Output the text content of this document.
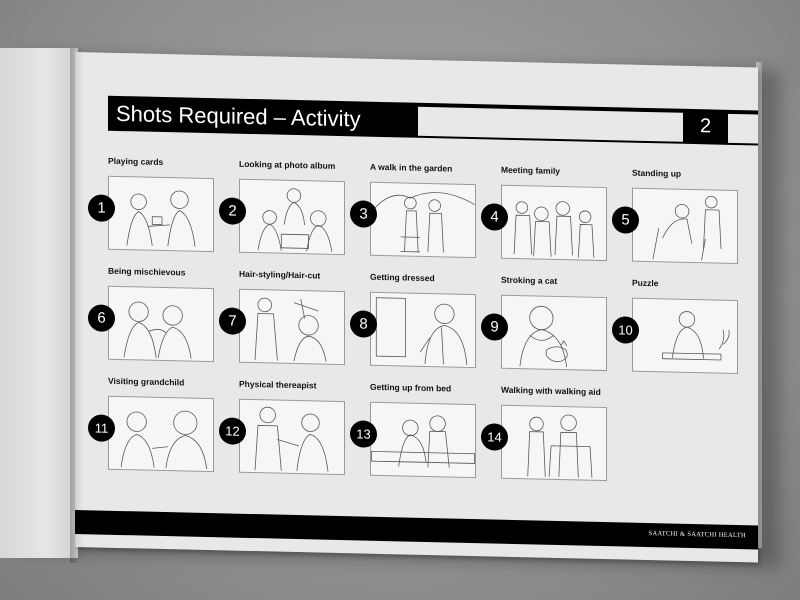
Shots Required – Activity	2
Playing cards
1
Looking at photo album
2
A walk in the garden
3
Meeting family
4
Standing up
5
Being mischievous
6
Hair-styling/Hair-cut
7
Getting dressed
8
Stroking a cat
9
Puzzle
10
Visiting grandchild
11
Physical thereapist
12
Getting up from bed
13
Walking with walking aid
14
SAATCHI & SAATCHI HEALTH
